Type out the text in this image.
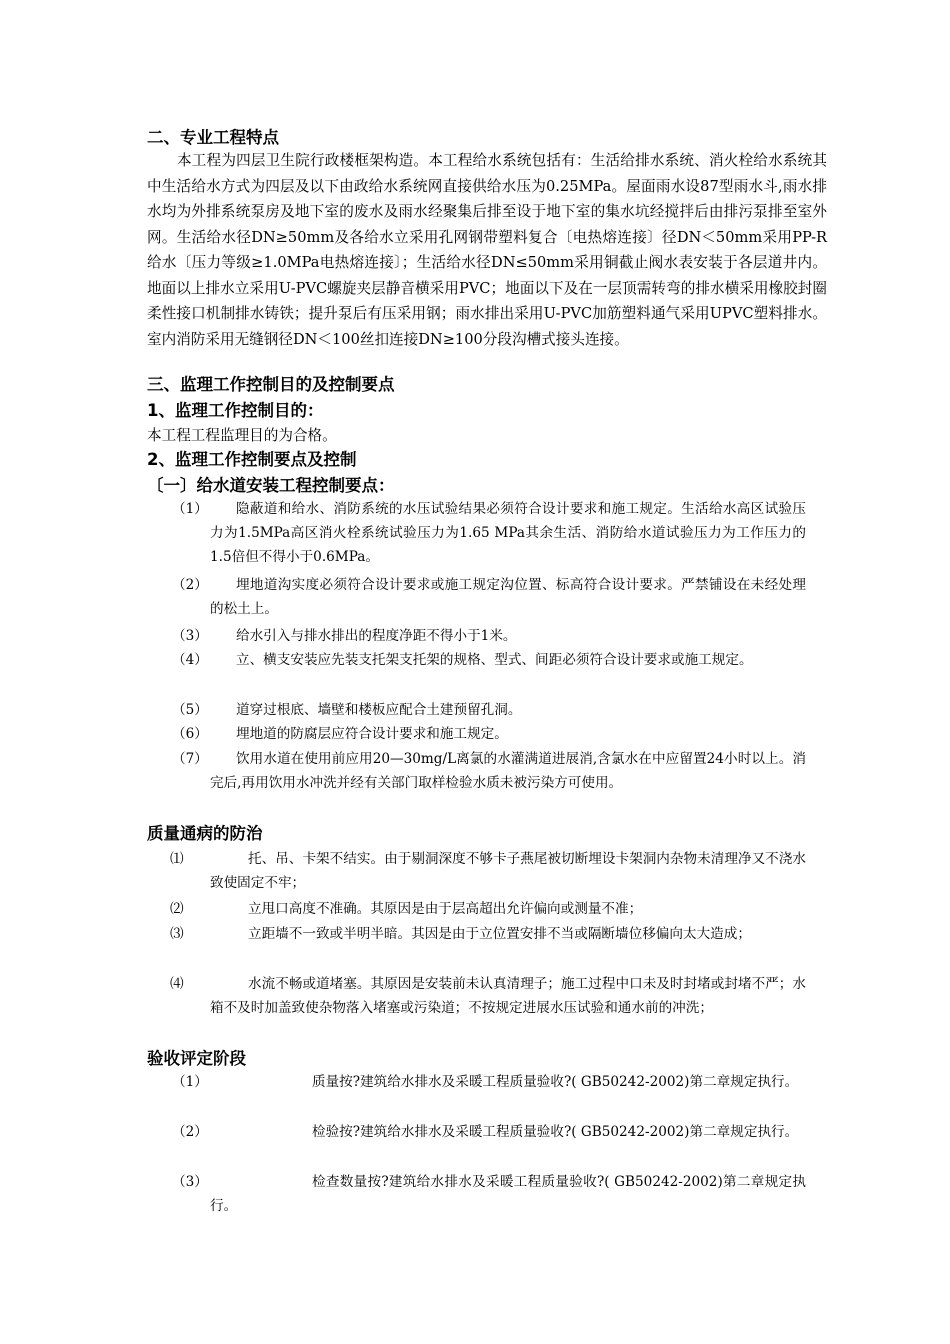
二、专业工程特点
本工程为四层卫生院行政楼框架构造。本工程给水系统包括有：生活给排水系统、消火栓给水系统其中生活给水方式为四层及以下由政给水系统网直接供给水压为0.25MPa。屋面雨水设87型雨水斗,雨水排水均为外排系统泵房及地下室的废水及雨水经聚集后排至设于地下室的集水坑经搅拌后由排污泵排至室外网。生活给水径DN≥50mm及各给水立采用孔网钢带塑料复合〔电热熔连接〕径DN＜50mm采用PP-R给水〔压力等级≥1.0MPa电热熔连接〕；生活给水径DN≤50mm采用铜截止阀水表安装于各层道井内。地面以上排水立采用U-PVC螺旋夹层静音横采用PVC；地面以下及在一层顶需转弯的排水横采用橡胶封圈柔性接口机制排水铸铁；提升泵后有压采用钢；雨水排出采用U-PVC加筋塑料通气采用UPVC塑料排水。室内消防采用无缝钢径DN＜100丝扣连接DN≥100分段沟槽式接头连接。
三、监理工作控制目的及控制要点
1、监理工作控制目的：
本工程工程监理目的为合格。
2、监理工作控制要点及控制
〔一〕给水道安装工程控制要点：
（1）	隐蔽道和给水、消防系统的水压试验结果必须符合设计要求和施工规定。生活给水高区试验压力为1.5MPa高区消火栓系统试验压力为1.65 MPa其余生活、消防给水道试验压力为工作压力的1.5倍但不得小于0.6MPa。
（2）	埋地道沟实度必须符合设计要求或施工规定沟位置、标高符合设计要求。严禁铺设在未经处理的松土上。
（3）	给水引入与排水排出的程度净距不得小于1米。
（4）	立、横支安装应先装支托架支托架的规格、型式、间距必须符合设计要求或施工规定。
（5）	道穿过根底、墙壁和楼板应配合土建预留孔洞。
（6）	埋地道的防腐层应符合设计要求和施工规定。
（7）	饮用水道在使用前应用20—30mg/L离氯的水灌满道进展消,含氯水在中应留置24小时以上。消完后,再用饮用水冲洗并经有关部门取样检验水质未被污染方可使用。
质量通病的防治
⑴	托、吊、卡架不结实。由于剔洞深度不够卡子燕尾被切断埋设卡架洞内杂物未清理净又不浇水致使固定不牢；
⑵	立甩口高度不准确。其原因是由于层高超出允许偏向或测量不准；
⑶	立距墙不一致或半明半暗。其因是由于立位置安排不当或隔断墙位移偏向太大造成；
⑷	水流不畅或道堵塞。其原因是安装前未认真清理子；施工过程中口未及时封堵或封堵不严；水箱不及时加盖致使杂物落入堵塞或污染道；不按规定进展水压试验和通水前的冲洗；
验收评定阶段
（1）	质量按?建筑给水排水及采暖工程质量验收?( GB50242-2002)第二章规定执行。
（2）	检验按?建筑给水排水及采暖工程质量验收?( GB50242-2002)第二章规定执行。
（3）	检查数量按?建筑给水排水及采暖工程质量验收?( GB50242-2002)第二章规定执行。
